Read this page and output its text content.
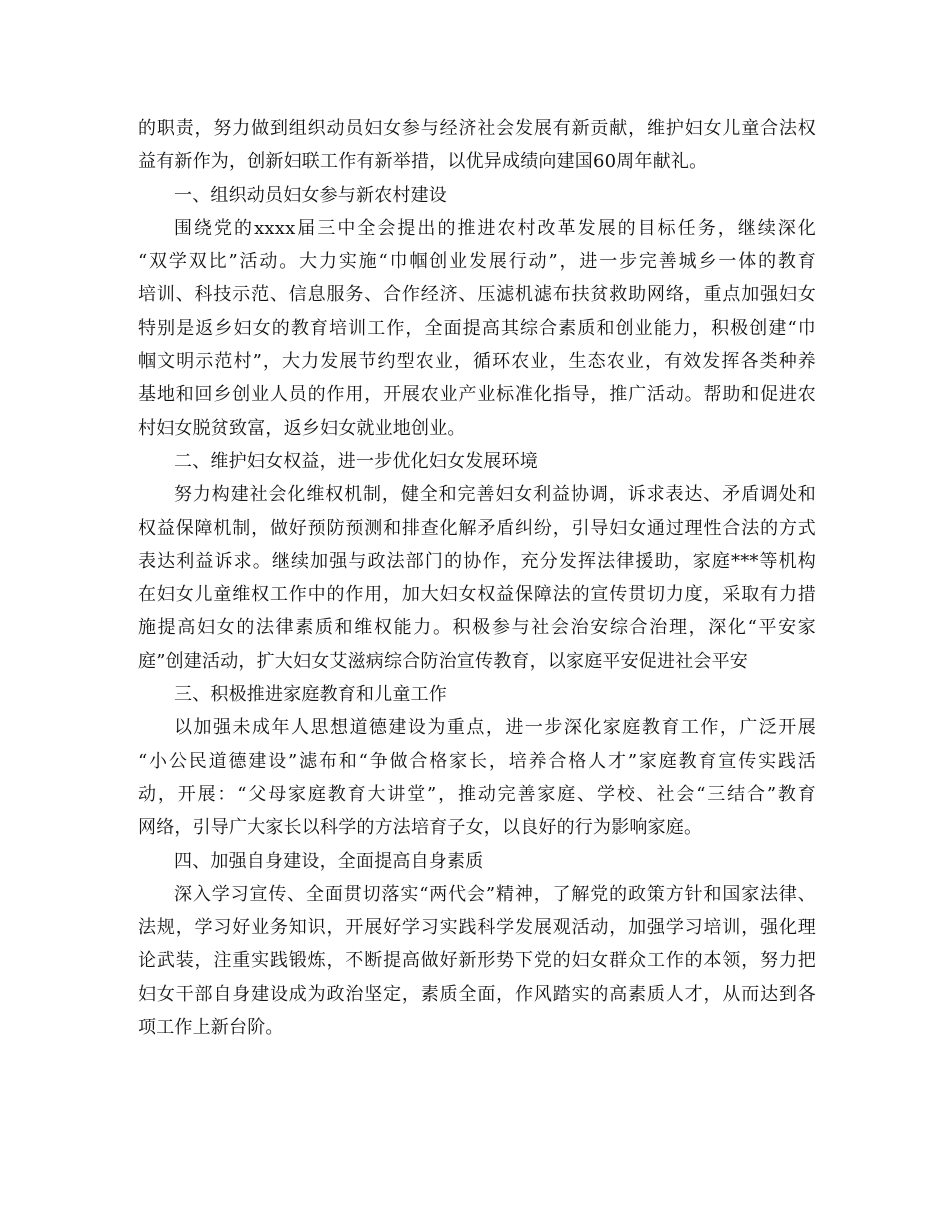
的职责，努力做到组织动员妇女参与经济社会发展有新贡献，维护妇女儿童合法权
益有新作为，创新妇联工作有新举措，以优异成绩向建国60周年献礼。
一、组织动员妇女参与新农村建设
围绕党的xxxx届三中全会提出的推进农村改革发展的目标任务，继续深化
“双学双比”活动。大力实施“巾帼创业发展行动”，进一步完善城乡一体的教育
培训、科技示范、信息服务、合作经济、压滤机滤布扶贫救助网络，重点加强妇女
特别是返乡妇女的教育培训工作，全面提高其综合素质和创业能力，积极创建“巾
帼文明示范村”，大力发展节约型农业，循环农业，生态农业，有效发挥各类种养
基地和回乡创业人员的作用，开展农业产业标准化指导，推广活动。帮助和促进农
村妇女脱贫致富，返乡妇女就业地创业。
二、维护妇女权益，进一步优化妇女发展环境
努力构建社会化维权机制，健全和完善妇女利益协调，诉求表达、矛盾调处和
权益保障机制，做好预防预测和排查化解矛盾纠纷，引导妇女通过理性合法的方式
表达利益诉求。继续加强与政法部门的协作，充分发挥法律援助，家庭***等机构
在妇女儿童维权工作中的作用，加大妇女权益保障法的宣传贯切力度，采取有力措
施提高妇女的法律素质和维权能力。积极参与社会治安综合治理，深化“平安家
庭”创建活动，扩大妇女艾滋病综合防治宣传教育，以家庭平安促进社会平安
三、积极推进家庭教育和儿童工作
以加强未成年人思想道德建设为重点，进一步深化家庭教育工作，广泛开展
“小公民道德建设”滤布和“争做合格家长，培养合格人才”家庭教育宣传实践活
动，开展：“父母家庭教育大讲堂”，推动完善家庭、学校、社会“三结合”教育
网络，引导广大家长以科学的方法培育子女，以良好的行为影响家庭。
四、加强自身建设，全面提高自身素质
深入学习宣传、全面贯切落实“两代会”精神，了解党的政策方针和国家法律、
法规，学习好业务知识，开展好学习实践科学发展观活动，加强学习培训，强化理
论武装，注重实践锻炼，不断提高做好新形势下党的妇女群众工作的本领，努力把
妇女干部自身建设成为政治坚定，素质全面，作风踏实的高素质人才，从而达到各
项工作上新台阶。
